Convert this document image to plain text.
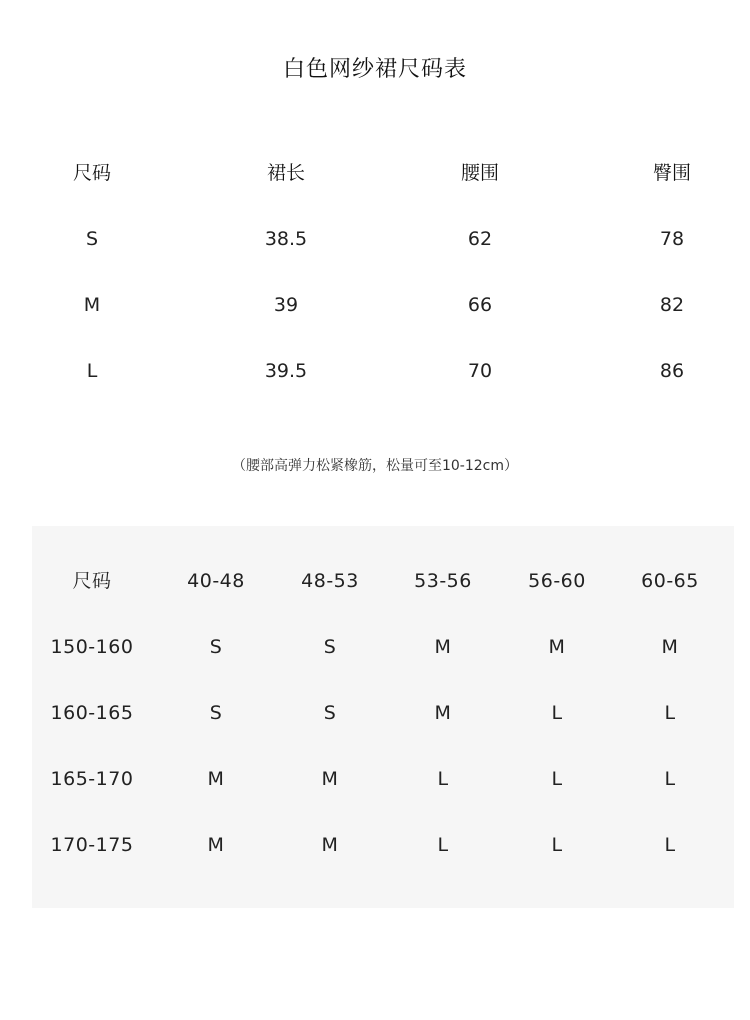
白色网纱裙尺码表
尺码	裙长	腰围	臀围
S	38.5	62	78
M	39	66	82
L	39.5	70	86
（腰部高弹力松紧橡筋，松量可至10-12cm）
尺码	40-48	48-53	53-56	56-60	60-65
150-160	S	S	M	M	M
160-165	S	S	M	L	L
165-170	M	M	L	L	L
170-175	M	M	L	L	L
